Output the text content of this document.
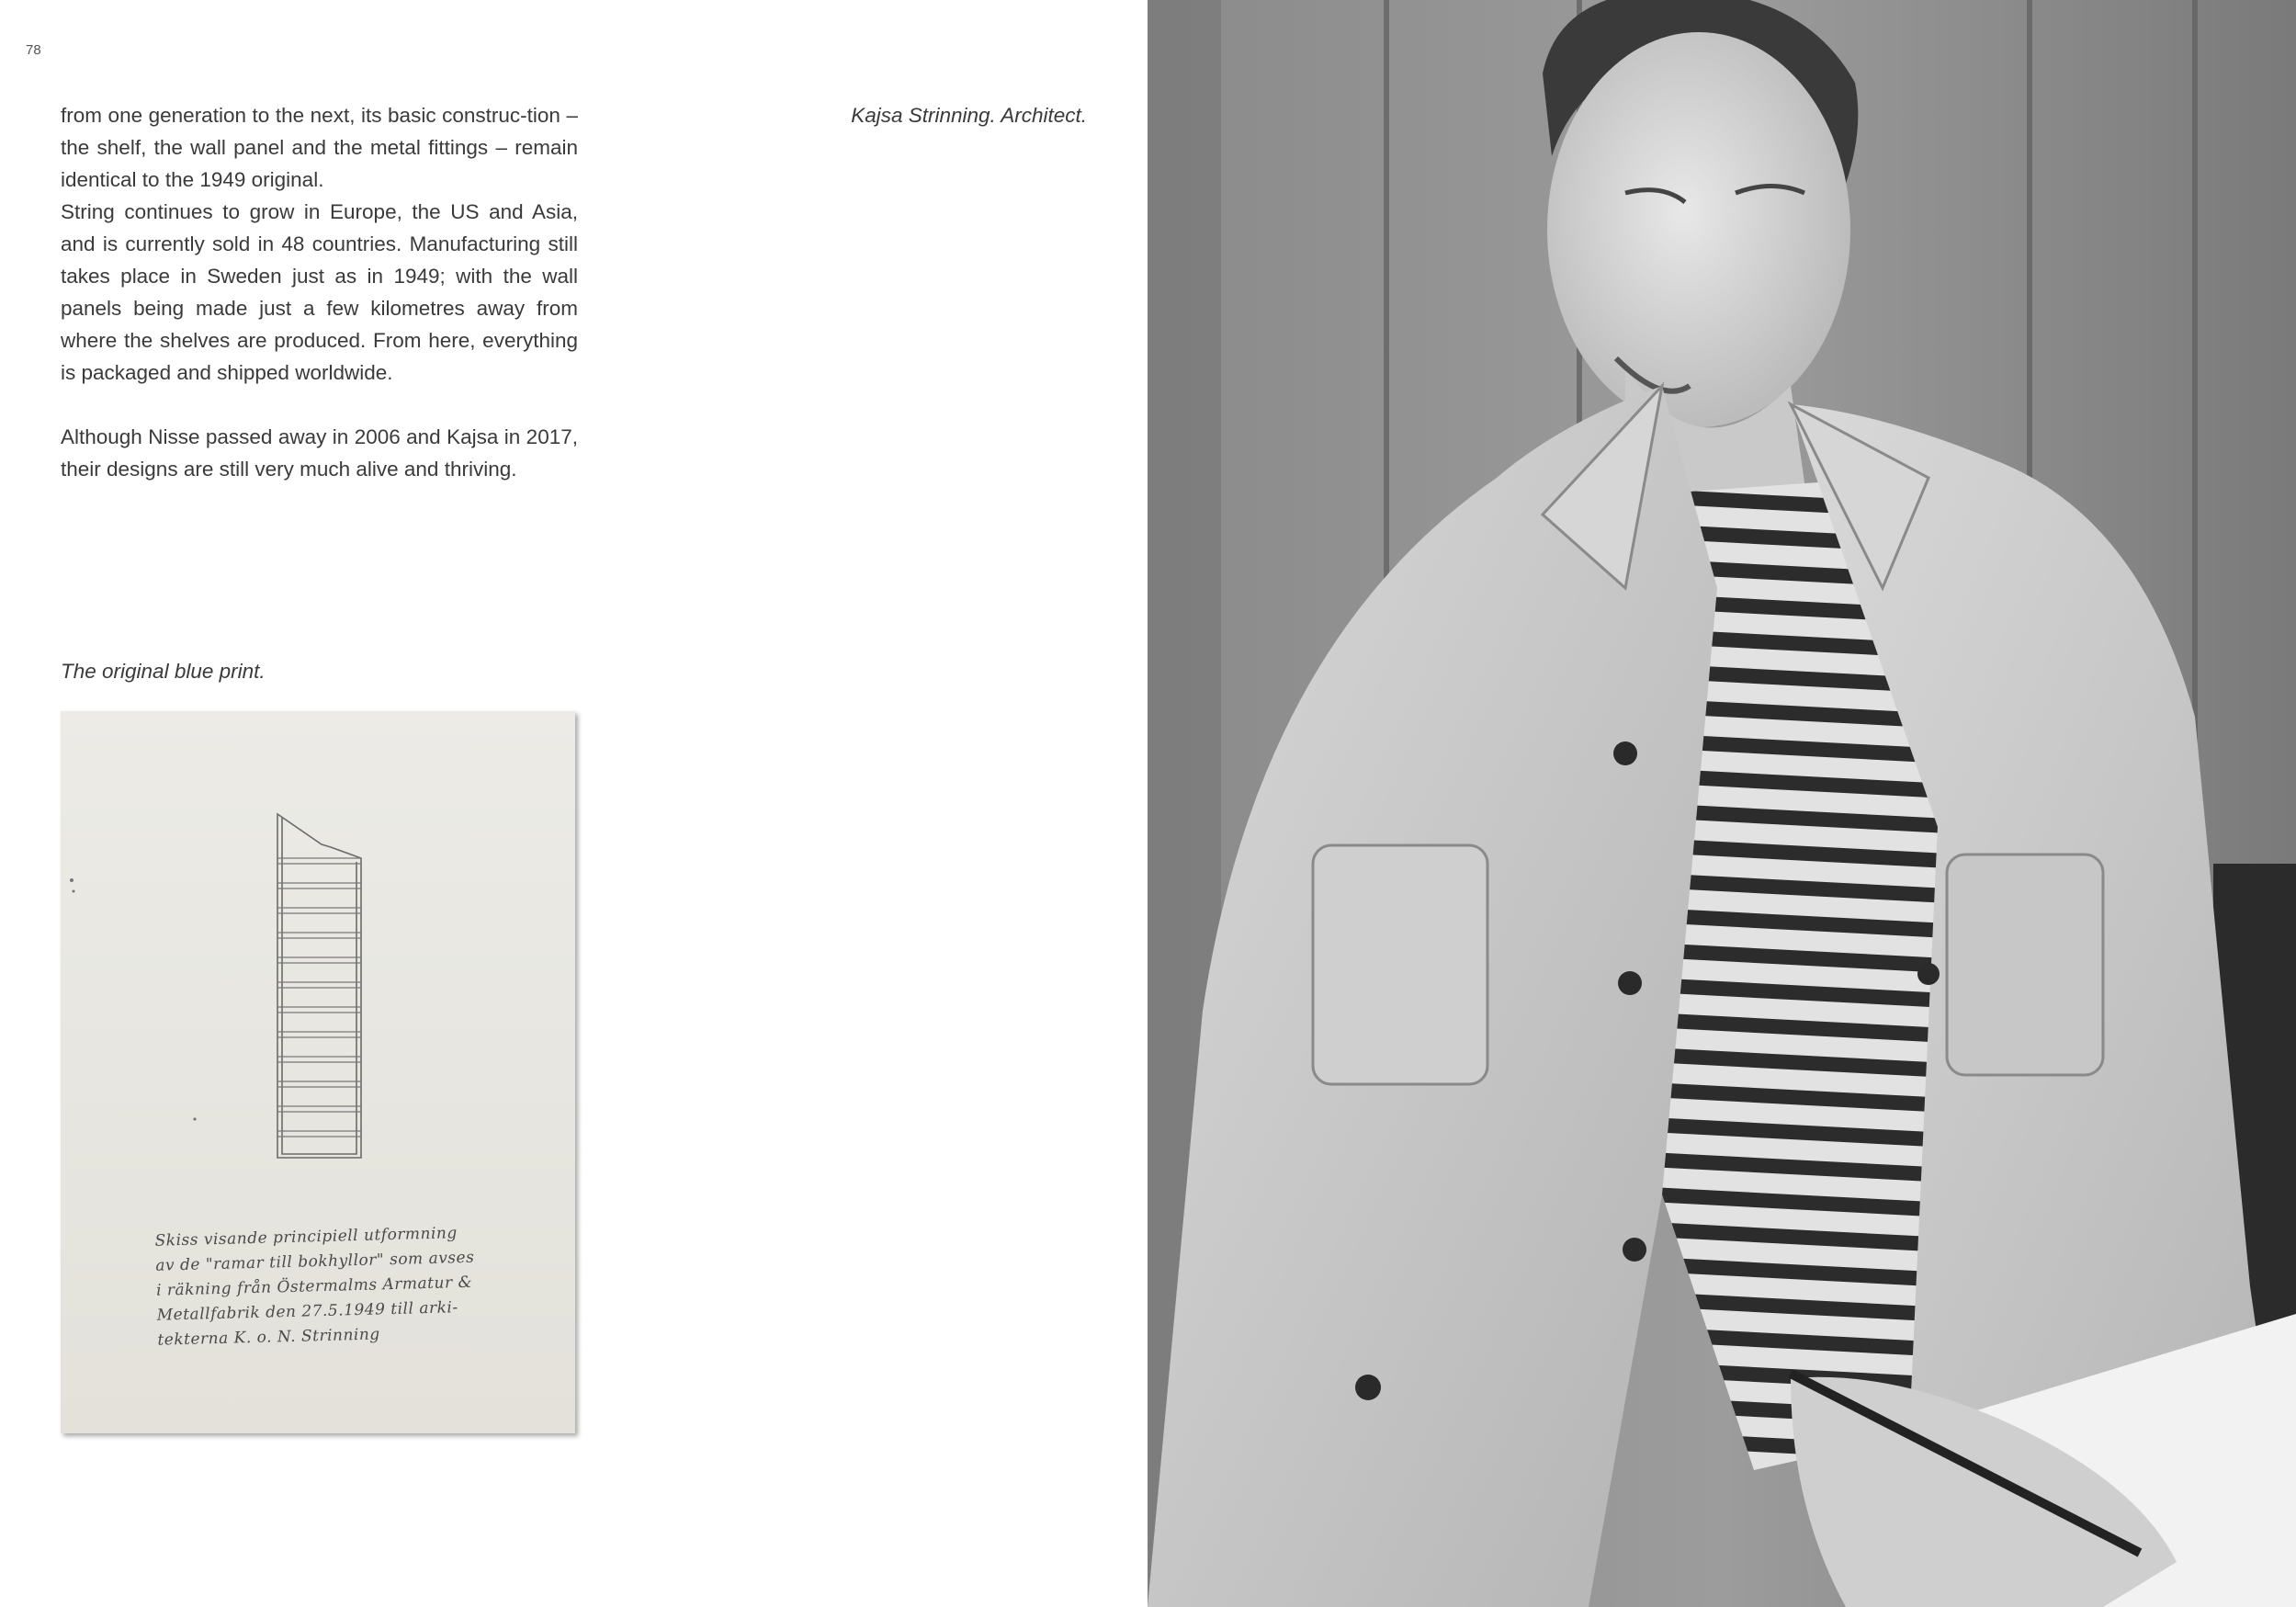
78

from one generation to the next, its basic construc-tion – the shelf, the wall panel and the metal fittings – remain identical to the 1949 original.

String continues to grow in Europe, the US and Asia, and is currently sold in 48 countries. Manufacturing still takes place in Sweden just as in 1949; with the wall panels being made just a few kilometres away from where the shelves are produced. From here, everything is packaged and shipped worldwide.

Although Nisse passed away in 2006 and Kajsa in 2017, their designs are still very much alive and thriving.

Kajsa Strinning. Architect.
The original blue print.
Skiss visande principiell utformning
av de "ramar till bokhyllor" som avses
i räkning från Östermalms Armatur &
Metallfabrik den 27.5.1949 till arki-
tekterna K. o. N. Strinning
